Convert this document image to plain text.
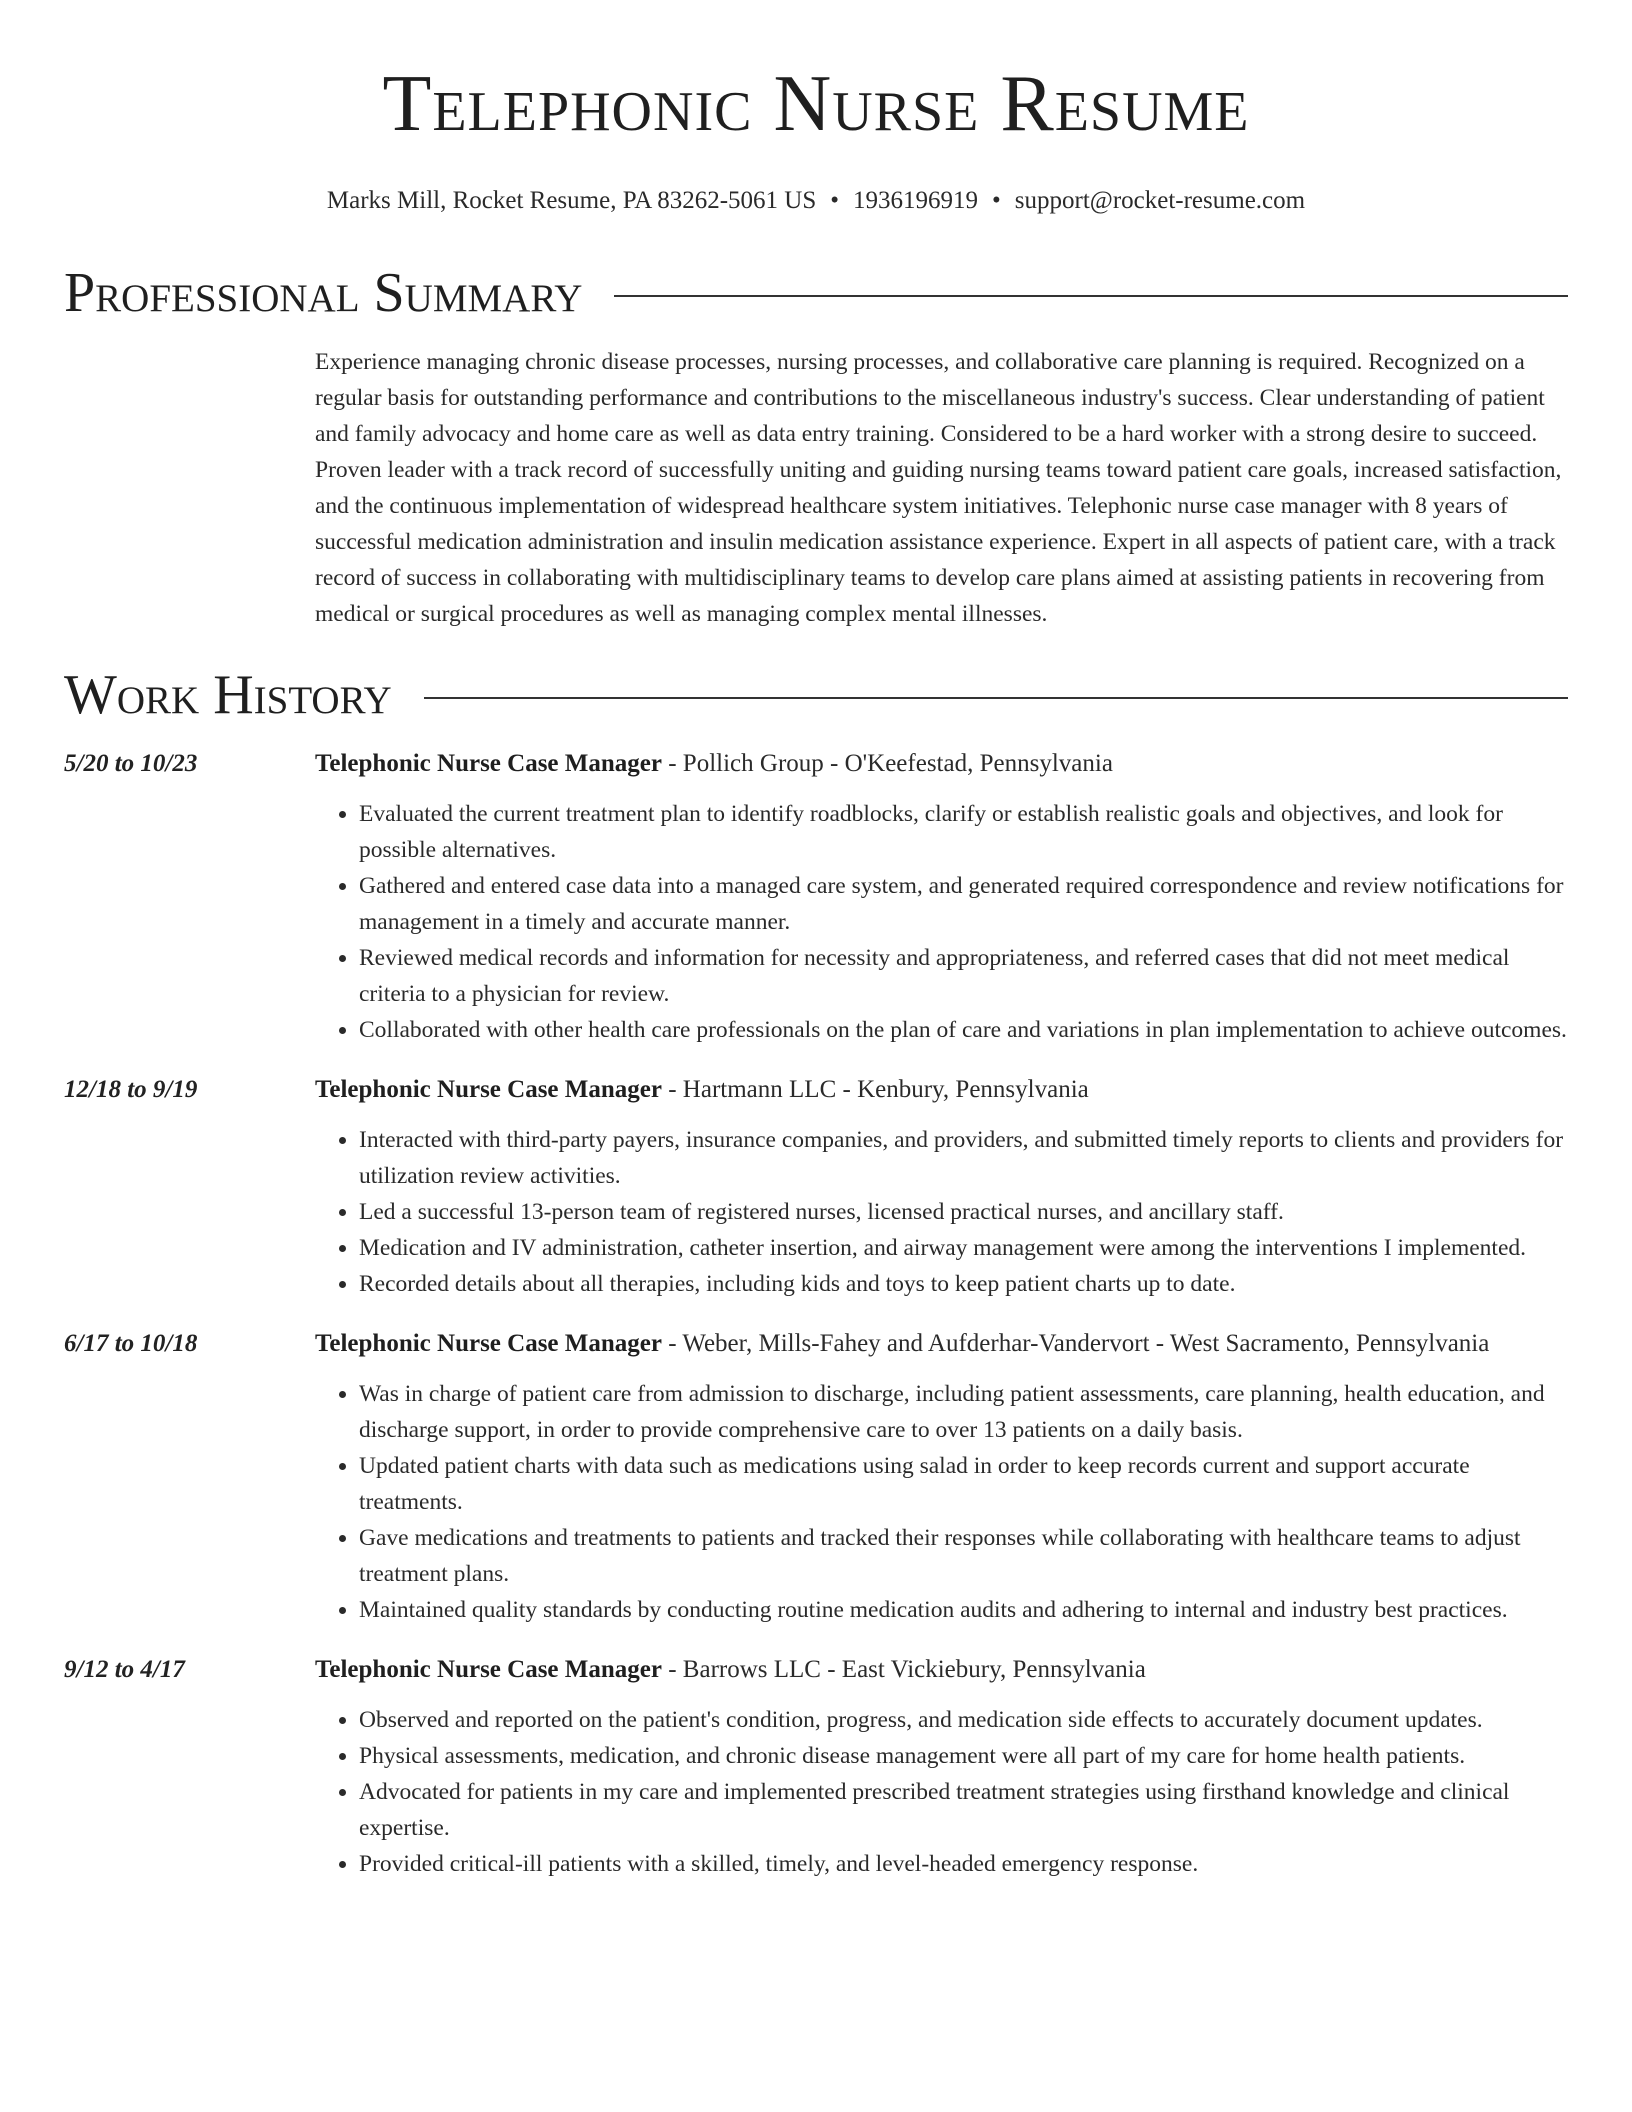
Telephonic Nurse Resume
Marks Mill, Rocket Resume, PA 83262-5061 US • 1936196919 • support@rocket-resume.com
Professional Summary
Experience managing chronic disease processes, nursing processes, and collaborative care planning is required. Recognized on a regular basis for outstanding performance and contributions to the miscellaneous industry's success. Clear understanding of patient and family advocacy and home care as well as data entry training. Considered to be a hard worker with a strong desire to succeed. Proven leader with a track record of successfully uniting and guiding nursing teams toward patient care goals, increased satisfaction, and the continuous implementation of widespread healthcare system initiatives. Telephonic nurse case manager with 8 years of successful medication administration and insulin medication assistance experience. Expert in all aspects of patient care, with a track record of success in collaborating with multidisciplinary teams to develop care plans aimed at assisting patients in recovering from medical or surgical procedures as well as managing complex mental illnesses.
Work History
5/20 to 10/23	Telephonic Nurse Case Manager - Pollich Group - O'Keefestad, Pennsylvania
• Evaluated the current treatment plan to identify roadblocks, clarify or establish realistic goals and objectives, and look for possible alternatives.
• Gathered and entered case data into a managed care system, and generated required correspondence and review notifications for management in a timely and accurate manner.
• Reviewed medical records and information for necessity and appropriateness, and referred cases that did not meet medical criteria to a physician for review.
• Collaborated with other health care professionals on the plan of care and variations in plan implementation to achieve outcomes.
12/18 to 9/19	Telephonic Nurse Case Manager - Hartmann LLC - Kenbury, Pennsylvania
• Interacted with third-party payers, insurance companies, and providers, and submitted timely reports to clients and providers for utilization review activities.
• Led a successful 13-person team of registered nurses, licensed practical nurses, and ancillary staff.
• Medication and IV administration, catheter insertion, and airway management were among the interventions I implemented.
• Recorded details about all therapies, including kids and toys to keep patient charts up to date.
6/17 to 10/18	Telephonic Nurse Case Manager - Weber, Mills-Fahey and Aufderhar-Vandervort - West Sacramento, Pennsylvania
• Was in charge of patient care from admission to discharge, including patient assessments, care planning, health education, and discharge support, in order to provide comprehensive care to over 13 patients on a daily basis.
• Updated patient charts with data such as medications using salad in order to keep records current and support accurate treatments.
• Gave medications and treatments to patients and tracked their responses while collaborating with healthcare teams to adjust treatment plans.
• Maintained quality standards by conducting routine medication audits and adhering to internal and industry best practices.
9/12 to 4/17	Telephonic Nurse Case Manager - Barrows LLC - East Vickiebury, Pennsylvania
• Observed and reported on the patient's condition, progress, and medication side effects to accurately document updates.
• Physical assessments, medication, and chronic disease management were all part of my care for home health patients.
• Advocated for patients in my care and implemented prescribed treatment strategies using firsthand knowledge and clinical expertise.
• Provided critical-ill patients with a skilled, timely, and level-headed emergency response.
